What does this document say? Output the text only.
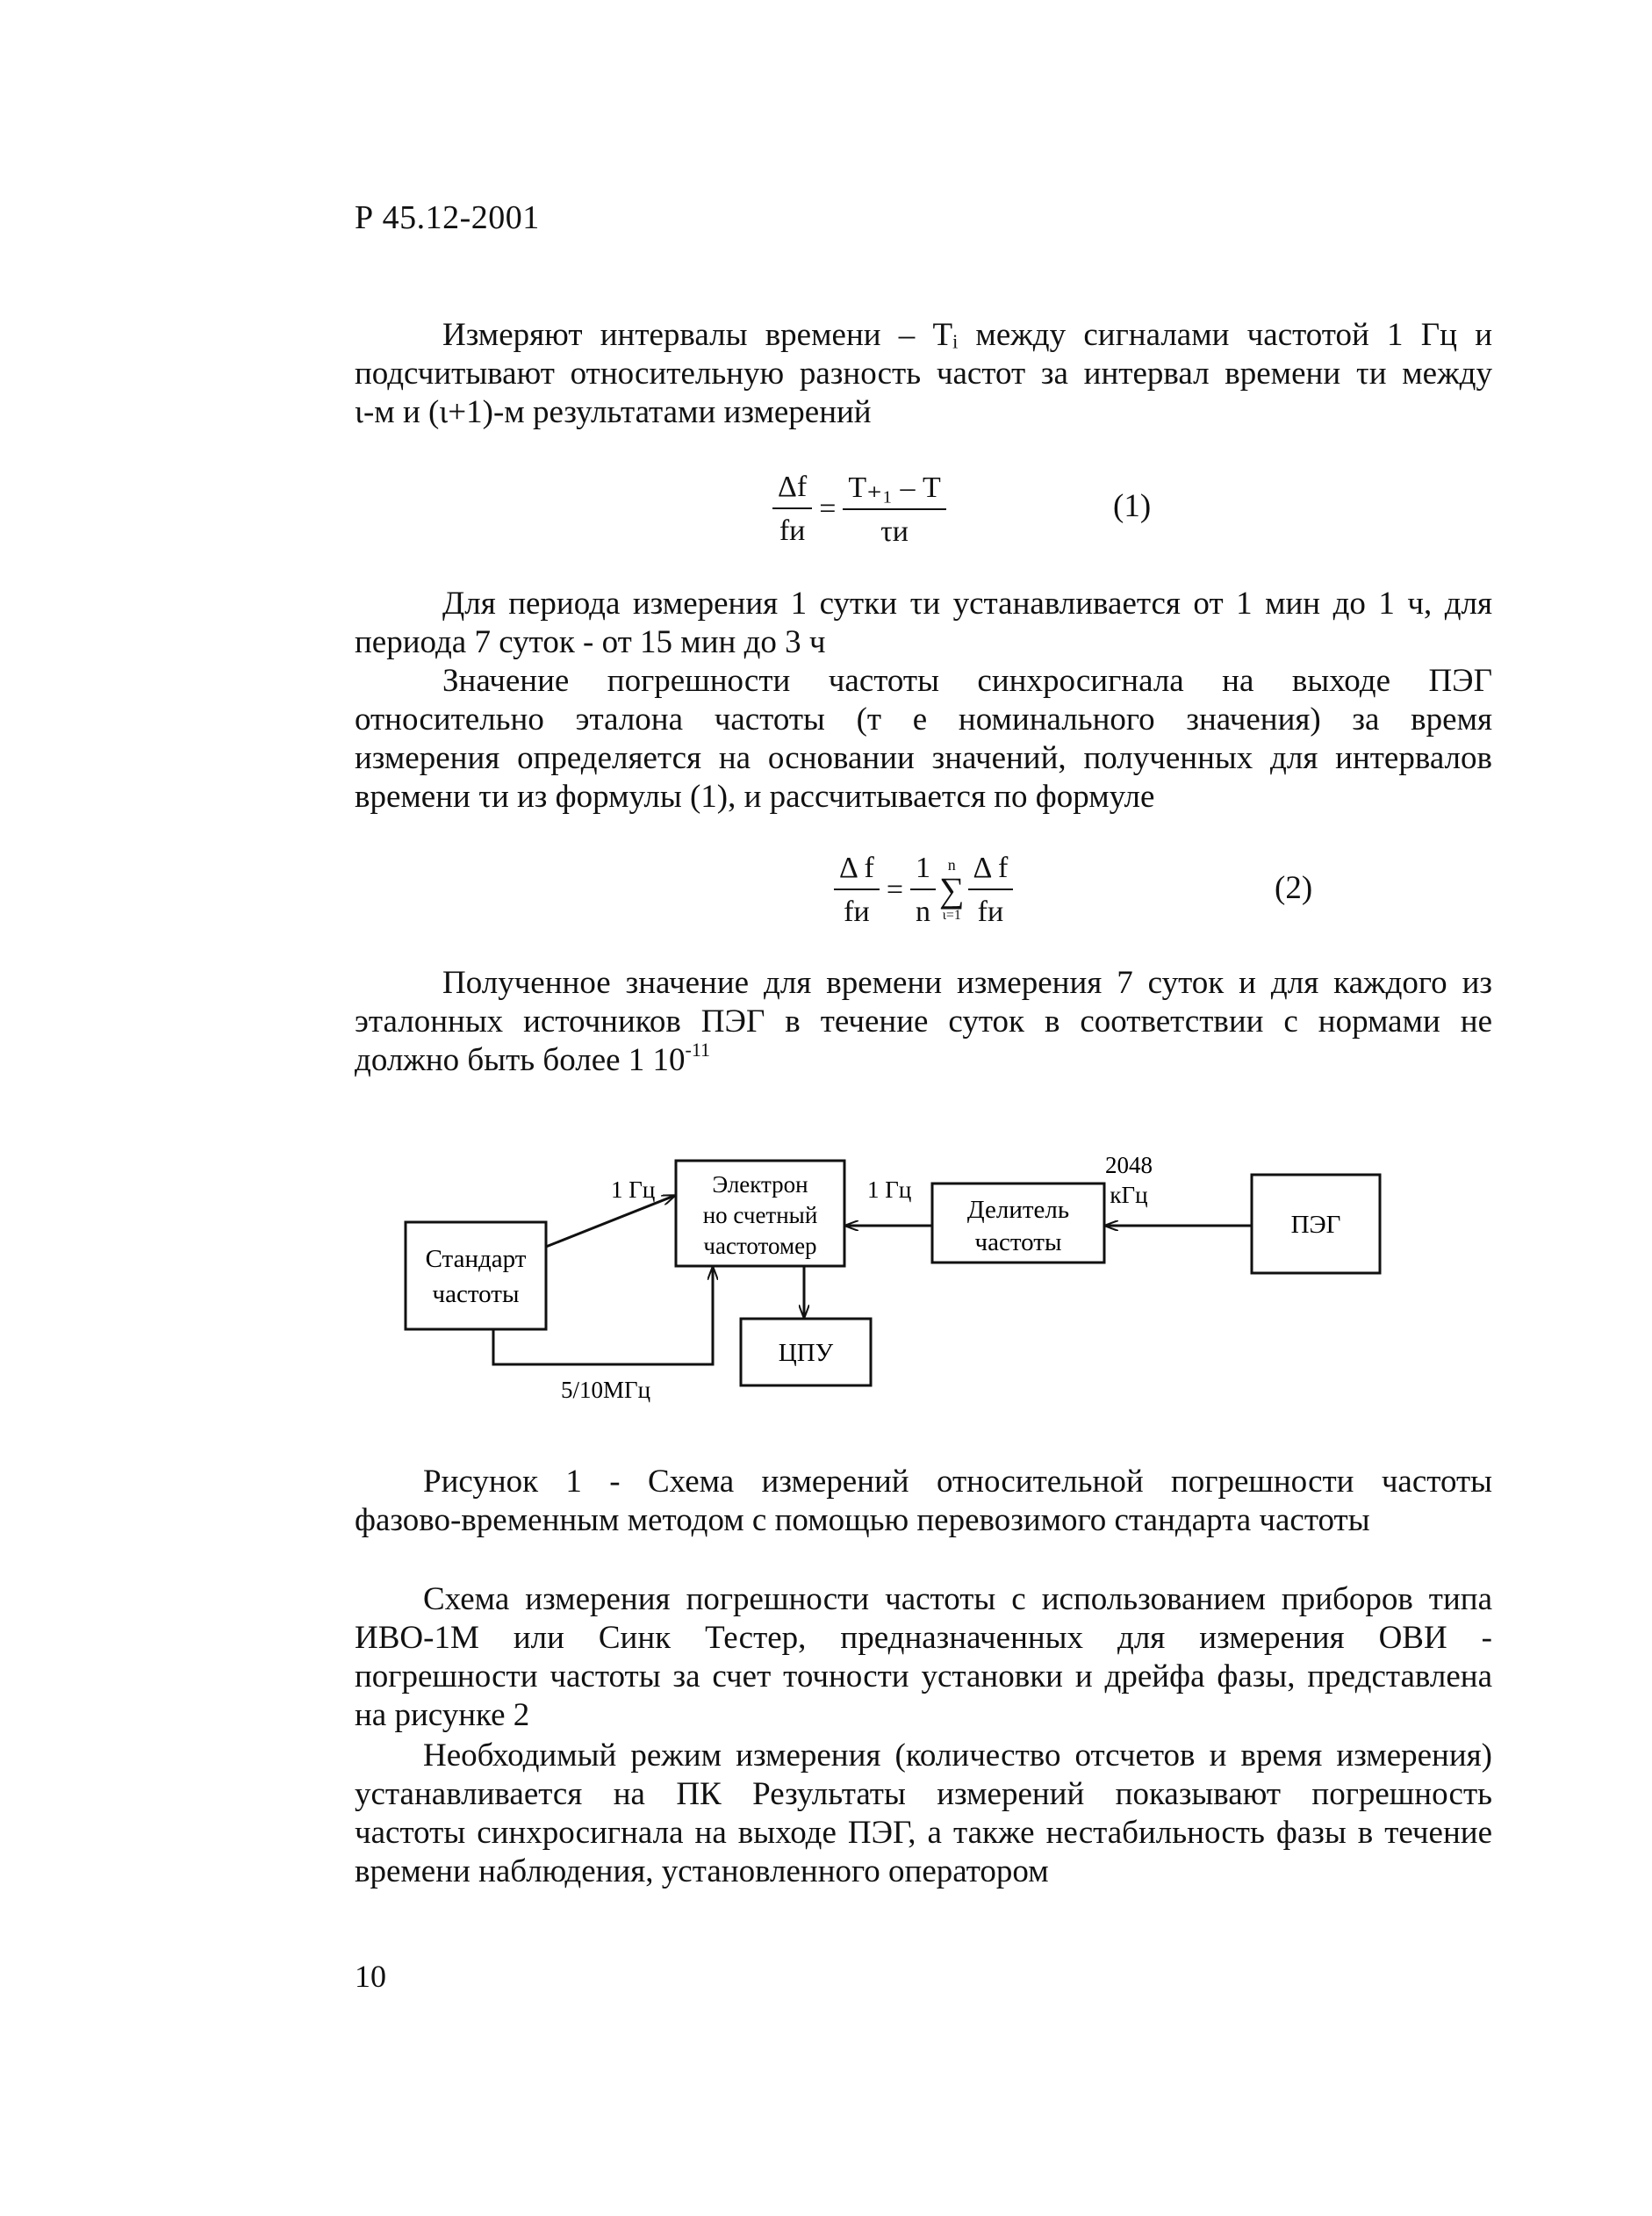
Р 45.12-2001
Измеряют интервалы времени – Тᵢ между сигналами частотой 1 Гц и
подсчитывают относительную разность частот за интервал времени τи между
ι-м и (ι+1)-м результатами измерений
$\frac{\Delta f}{fи} = \frac{\text{Т₊₁ – Т}}{\tau и}$	(1)
Для периода измерения 1 сутки τи устанавливается от 1 мин до 1 ч, для
периода 7 суток - от 15 мин до 3 ч
Значение погрешности частоты синхросигнала на выходе ПЭГ
относительно эталона частоты (т е номинального значения) за время
измерения определяется на основании значений, полученных для интервалов
времени τи из формулы (1), и рассчитывается по формуле
$\frac{\text{Δ f}}{fи} = \frac{1}{n}$ n
∑
$\iota=1 \frac{\text{Δ f}}{fи}$	(2)
Полученное значение для времени измерения 7 суток и для каждого из
эталонных источников ПЭГ в течение суток в соответствии с нормами не
должно быть более 1 $10^{-11}$
Стандарт
частоты
Электрон
но счетный
частотомер
Делитель
частоты
ПЭГ
ЦПУ
1 Гц	1 Гц
2048
кГц
5/10МГц
Рисунок 1 - Схема измерений относительной погрешности частоты
фазово-временным методом с помощью перевозимого стандарта частоты
Схема измерения погрешности частоты с использованием приборов типа
ИВО-1М или Синк Тестер, предназначенных для измерения ОВИ -
погрешности частоты за счет точности установки и дрейфа фазы, представлена
на рисунке 2
Необходимый режим измерения (количество отсчетов и время измерения)
устанавливается на ПК Результаты измерений показывают погрешность
частоты синхросигнала на выходе ПЭГ, а также нестабильность фазы в течение
времени наблюдения, установленного оператором
10
